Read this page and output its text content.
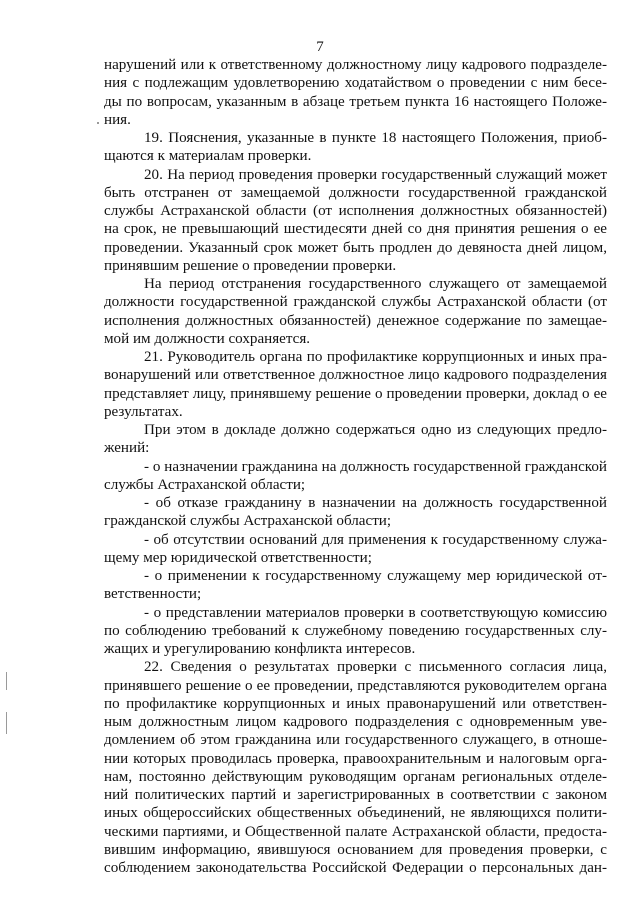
7
нарушений или к ответственному должностному лицу кадрового подразделе-
ния с подлежащим удовлетворению ходатайством о проведении с ним бесе-
ды по вопросам, указанным в абзаце третьем пункта 16 настоящего Положе-
ния.
19. Пояснения, указанные в пункте 18 настоящего Положения, приоб-
щаются к материалам проверки.
20. На период проведения проверки государственный служащий может
быть отстранен от замещаемой должности государственной гражданской
службы Астраханской области (от исполнения должностных обязанностей)
на срок, не превышающий шестидесяти дней со дня принятия решения о ее
проведении. Указанный срок может быть продлен до девяноста дней лицом,
принявшим решение о проведении проверки.
На период отстранения государственного служащего от замещаемой
должности государственной гражданской службы Астраханской области (от
исполнения должностных обязанностей) денежное содержание по замещае-
мой им должности сохраняется.
21. Руководитель органа по профилактике коррупционных и иных пра-
вонарушений или ответственное должностное лицо кадрового подразделения
представляет лицу, принявшему решение о проведении проверки, доклад о ее
результатах.
При этом в докладе должно содержаться одно из следующих предло-
жений:
- о назначении гражданина на должность государственной гражданской
службы Астраханской области;
- об отказе гражданину в назначении на должность государственной
гражданской службы Астраханской области;
- об отсутствии оснований для применения к государственному служа-
щему мер юридической ответственности;
- о применении к государственному служащему мер юридической от-
ветственности;
- о представлении материалов проверки в соответствующую комиссию
по соблюдению требований к служебному поведению государственных слу-
жащих и урегулированию конфликта интересов.
22. Сведения о результатах проверки с письменного согласия лица,
принявшего решение о ее проведении, представляются руководителем органа
по профилактике коррупционных и иных правонарушений или ответствен-
ным должностным лицом кадрового подразделения с одновременным уве-
домлением об этом гражданина или государственного служащего, в отноше-
нии которых проводилась проверка, правоохранительным и налоговым орга-
нам, постоянно действующим руководящим органам региональных отделе-
ний политических партий и зарегистрированных в соответствии с законом
иных общероссийских общественных объединений, не являющихся полити-
ческими партиями, и Общественной палате Астраханской области, предоста-
вившим информацию, явившуюся основанием для проведения проверки, с
соблюдением законодательства Российской Федерации о персональных дан-
